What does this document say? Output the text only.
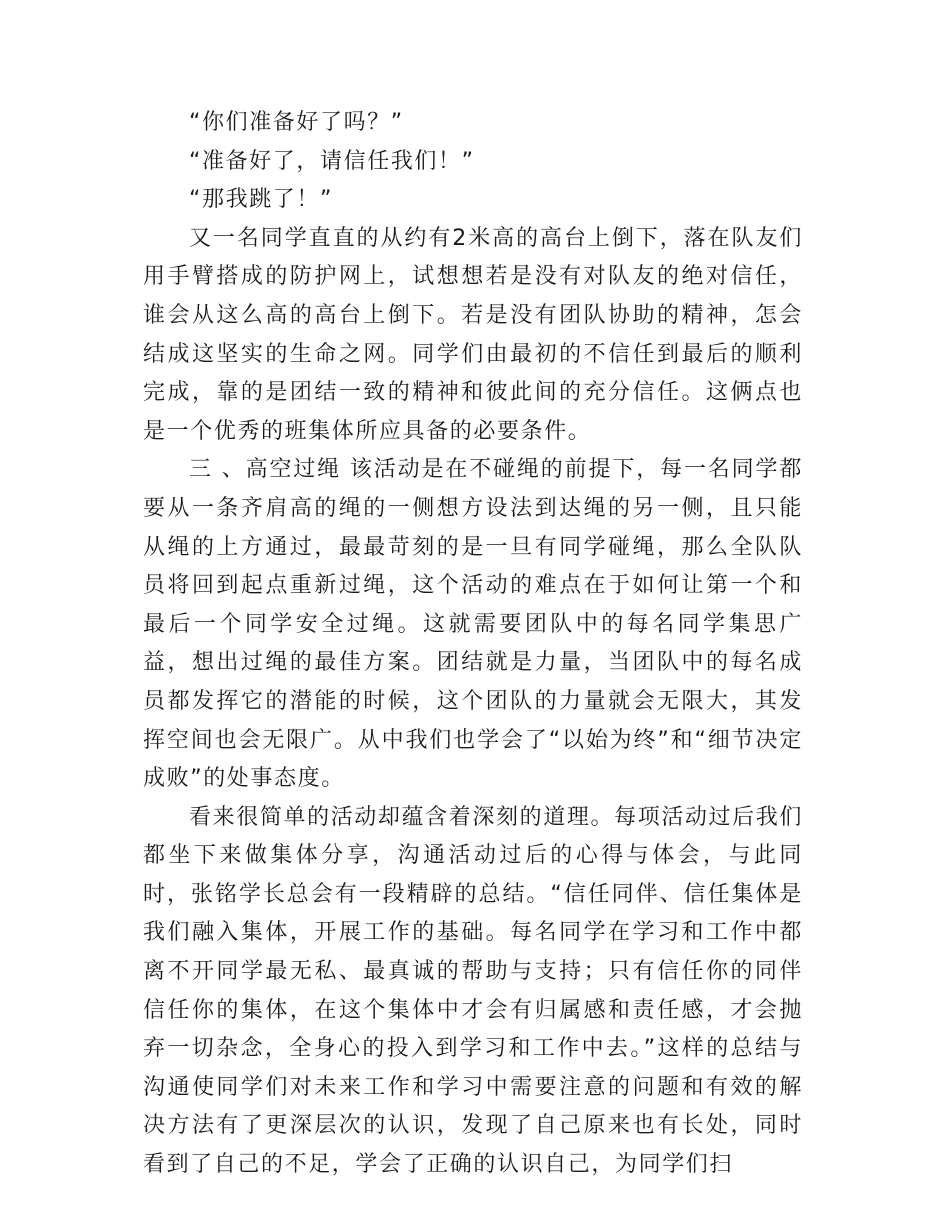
“你们准备好了吗？”

“准备好了，请信任我们！”

“那我跳了！”

又一名同学直直的从约有2米高的高台上倒下，落在队友们用手臂搭成的防护网上，试想想若是没有对队友的绝对信任，谁会从这么高的高台上倒下。若是没有团队协助的精神，怎会结成这坚实的生命之网。同学们由最初的不信任到最后的顺利完成，靠的是团结一致的精神和彼此间的充分信任。这俩点也是一个优秀的班集体所应具备的必要条件。

三 、高空过绳 该活动是在不碰绳的前提下，每一名同学都要从一条齐肩高的绳的一侧想方设法到达绳的另一侧，且只能从绳的上方通过，最最苛刻的是一旦有同学碰绳，那么全队队员将回到起点重新过绳，这个活动的难点在于如何让第一个和最后一个同学安全过绳。这就需要团队中的每名同学集思广益，想出过绳的最佳方案。团结就是力量，当团队中的每名成员都发挥它的潜能的时候，这个团队的力量就会无限大，其发挥空间也会无限广。从中我们也学会了“以始为终”和“细节决定成败”的处事态度。

看来很简单的活动却蕴含着深刻的道理。每项活动过后我们都坐下来做集体分享，沟通活动过后的心得与体会，与此同时，张铭学长总会有一段精辟的总结。“信任同伴、信任集体是我们融入集体，开展工作的基础。每名同学在学习和工作中都离不开同学最无私、最真诚的帮助与支持；只有信任你的同伴信任你的集体，在这个集体中才会有归属感和责任感，才会抛弃一切杂念，全身心的投入到学习和工作中去。”这样的总结与沟通使同学们对未来工作和学习中需要注意的问题和有效的解决方法有了更深层次的认识，发现了自己原来也有长处，同时看到了自己的不足，学会了正确的认识自己，为同学们扫
